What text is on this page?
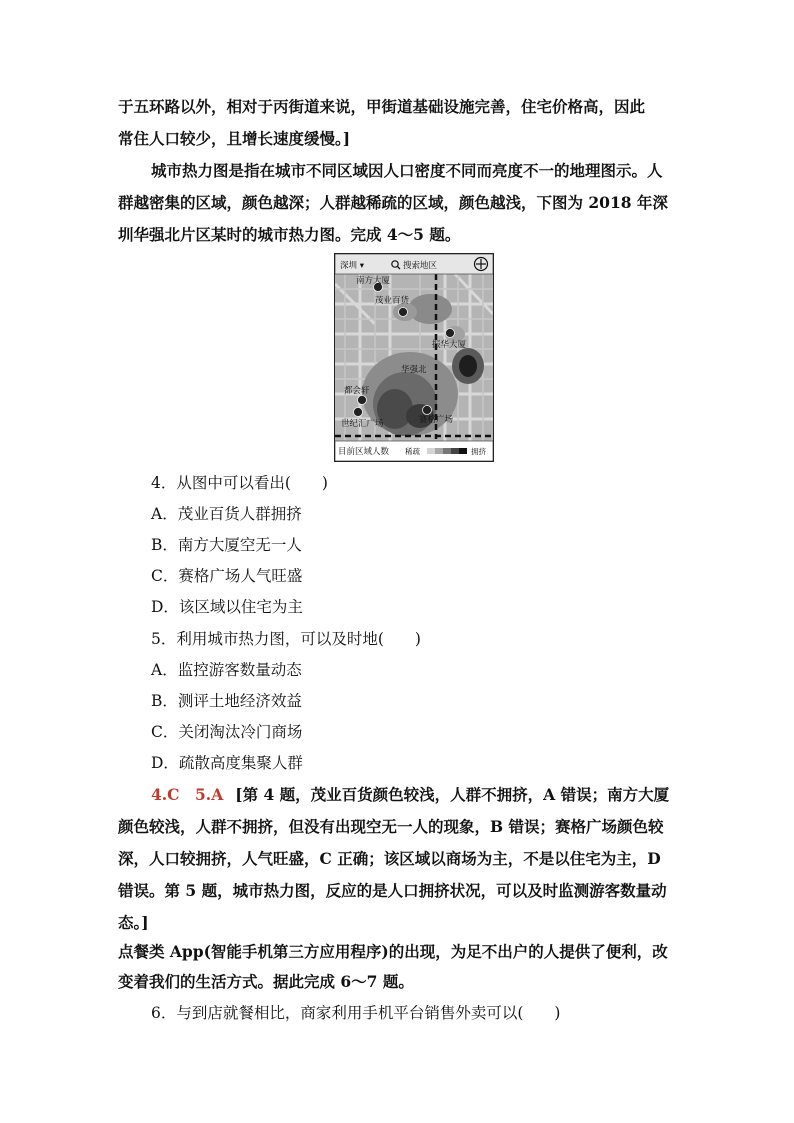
于五环路以外，相对于丙街道来说，甲街道基础设施完善，住宅价格高，因此
常住人口较少，且增长速度缓慢。]
城市热力图是指在城市不同区域因人口密度不同而亮度不一的地理图示。人
群越密集的区域，颜色越深；人群越稀疏的区域，颜色越浅，下图为 2018 年深
圳华强北片区某时的城市热力图。完成 4～5 题。
深圳 ▾	搜索地区
南方大厦
茂业百货
振华大厦
华强北
都会轩
世纪汇广场	赛格广场
目前区域人数 稀疏	拥挤
4．从图中可以看出(　　)
A．茂业百货人群拥挤
B．南方大厦空无一人
C．赛格广场人气旺盛
D．该区域以住宅为主
5．利用城市热力图，可以及时地(　　)
A．监控游客数量动态
B．测评土地经济效益
C．关闭淘汰冷门商场
D．疏散高度集聚人群
4.C　5.A [第 4 题，茂业百货颜色较浅，人群不拥挤，A 错误；南方大厦
颜色较浅，人群不拥挤，但没有出现空无一人的现象，B 错误；赛格广场颜色较
深，人口较拥挤，人气旺盛，C 正确；该区域以商场为主，不是以住宅为主，D
错误。第 5 题，城市热力图，反应的是人口拥挤状况，可以及时监测游客数量动
态。]
点餐类 App(智能手机第三方应用程序)的出现，为足不出户的人提供了便利，改
变着我们的生活方式。据此完成 6～7 题。
6．与到店就餐相比，商家利用手机平台销售外卖可以(　　)
